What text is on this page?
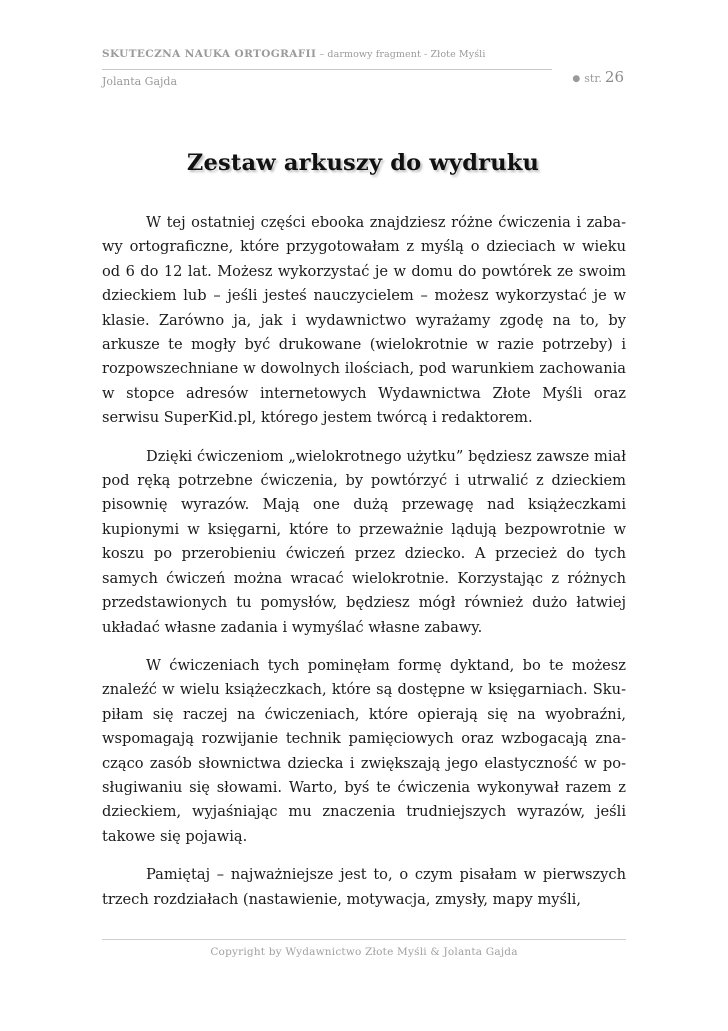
SKUTECZNA NAUKA ORTOGRAFII – darmowy fragment - Złote Myśli
Jolanta Gajda	● str. 26
Zestaw arkuszy do wydruku

W tej ostatniej części ebooka znajdziesz różne ćwiczenia i zabawy ortograficzne, które przygotowałam z myślą o dzieciach w wieku od 6 do 12 lat. Możesz wykorzystać je w domu do powtórek ze swoim dzieckiem lub – jeśli jesteś nauczycielem – możesz wykorzystać je w klasie. Zarówno ja, jak i wydawnictwo wyrażamy zgodę na to, by arkusze te mogły być drukowane (wielokrotnie w razie potrzeby) i rozpowszechniane w dowolnych ilościach, pod warunkiem zachowania w stopce adresów internetowych Wydawnictwa Złote Myśli oraz serwisu SuperKid.pl, którego jestem twórcą i redaktorem.

Dzięki ćwiczeniom „wielokrotnego użytku” będziesz zawsze miał pod ręką potrzebne ćwiczenia, by powtórzyć i utrwalić z dzieckiem pisownię wyrazów. Mają one dużą przewagę nad książeczkami kupionymi w księgarni, które to przeważnie lądują bezpowrotnie w koszu po przerobieniu ćwiczeń przez dziecko. A przecież do tych samych ćwiczeń można wracać wielokrotnie. Korzystając z różnych przedstawionych tu pomysłów, będziesz mógł również dużo łatwiej układać własne zadania i wymyślać własne zabawy.

W ćwiczeniach tych pominęłam formę dyktand, bo te możesz znaleźć w wielu książeczkach, które są dostępne w księgarniach. Skupiłam się raczej na ćwiczeniach, które opierają się na wyobraźni, wspomagają rozwijanie technik pamięciowych oraz wzbogacają znacząco zasób słownictwa dziecka i zwiększają jego elastyczność w posługiwaniu się słowami. Warto, byś te ćwiczenia wykonywał razem z dzieckiem, wyjaśniając mu znaczenia trudniejszych wyrazów, jeśli takowe się pojawią.

Pamiętaj – najważniejsze jest to, o czym pisałam w pierwszych trzech rozdziałach (nastawienie, motywacja, zmysły, mapy myśli,

Copyright by Wydawnictwo Złote Myśli & Jolanta Gajda
